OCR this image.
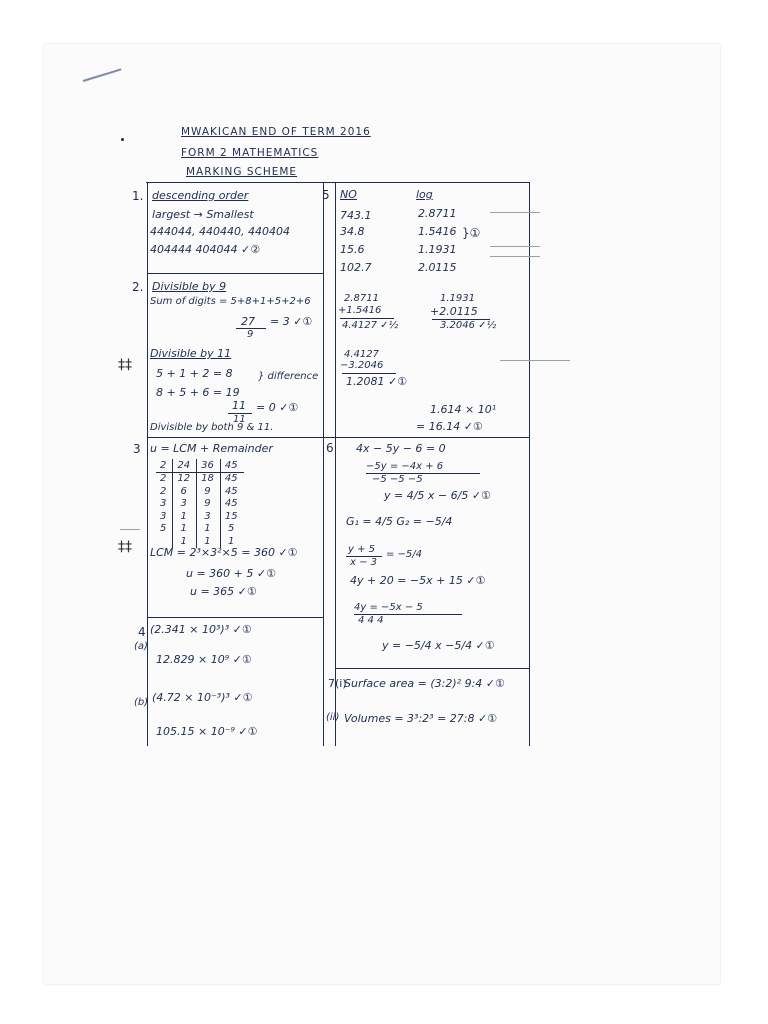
MWAKICAN END OF TERM 2016
FORM 2 MATHEMATICS
MARKING SCHEME
‡‡
‡‡
1. descending order
largest → Smallest
444044, 440440, 440404
404444 404044 ✓②
2. Divisible by 9
Sum of digits = 5+8+1+5+2+6
27
9
= 3 ✓①
Divisible by 11
5 + 1 + 2 = 8	} difference
8 + 5 + 6 = 19
11
11
= 0 ✓①
Divisible by both 9 & 11.
3 u = LCM + Remainder
2	24	36	45
2	12	18	45
2	6	9	45
3	3	9	45
3	1	3	15
5	1	1	5
	1	1	1
LCM = 2³×3²×5 = 360 ✓①
u = 360 + 5 ✓①
u = 365 ✓①
4
(a)
(2.341 × 10³)³ ✓①
12.829 × 10⁹ ✓①
(b) (4.72 × 10⁻³)³ ✓①
105.15 × 10⁻⁹ ✓①
5 NO	log
743.1	2.8711
34.8	1.5416
15.6	1.1931
102.7	2.0115
}①
2.8711
+1.5416
4.4127 ✓½
1.1931
+2.0115
3.2046 ✓½
4.4127
−3.2046
1.2081 ✓①
1.614 × 10¹
= 16.14 ✓①
6 4x − 5y − 6 = 0
−5y = −4x + 6
−5 −5 −5
y = 4/5 x − 6/5 ✓①
G₁ = 4/5 G₂ = −5/4
y + 5
x − 3
= −5/4
4y + 20 = −5x + 15 ✓①
4y = −5x − 5
4 4 4
y = −5/4 x −5/4 ✓①
7(i)
Surface area = (3:2)² 9:4 ✓①
(ii) Volumes = 3³:2³ = 27:8 ✓①
